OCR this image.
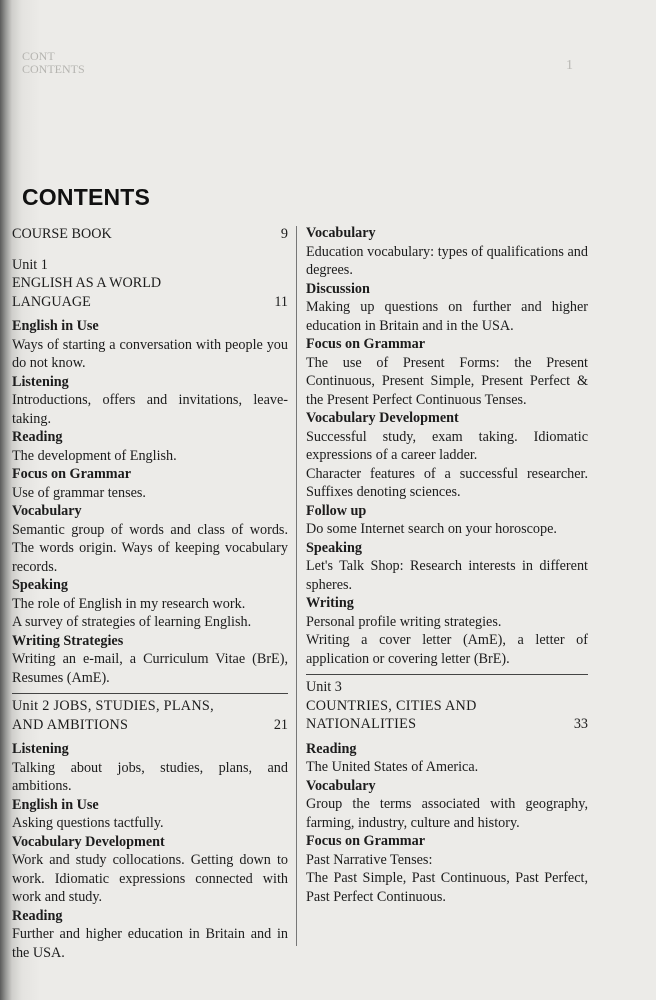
CONT
CONTENTS	1
CONTENTS
COURSE BOOK	9
Unit 1
ENGLISH AS A WORLD
LANGUAGE	11
English in Use
Ways of starting a conversation with people you do not know.
Listening
Introductions, offers and invitations, leave-taking.
Reading
The development of English.
Focus on Grammar
Use of grammar tenses.
Vocabulary
Semantic group of words and class of words. The words origin. Ways of keeping vocabulary records.
Speaking
The role of English in my research work.
A survey of strategies of learning English.
Writing Strategies
Writing an e-mail, a Curriculum Vitae (BrE), Resumes (AmE).
Unit 2 JOBS, STUDIES, PLANS,
AND AMBITIONS	21
Listening
Talking about jobs, studies, plans, and ambitions.
English in Use
Asking questions tactfully.
Vocabulary Development
Work and study collocations. Getting down to work. Idiomatic expressions connected with work and study.
Reading
Further and higher education in Britain and in the USA.
Vocabulary
Education vocabulary: types of qualifications and degrees.
Discussion
Making up questions on further and higher education in Britain and in the USA.
Focus on Grammar
The use of Present Forms: the Present Continuous, Present Simple, Present Perfect & the Present Perfect Continuous Tenses.
Vocabulary Development
Successful study, exam taking. Idiomatic expressions of a career ladder.
Character features of a successful researcher. Suffixes denoting sciences.
Follow up
Do some Internet search on your horoscope.
Speaking
Let's Talk Shop: Research interests in different spheres.
Writing
Personal profile writing strategies.
Writing a cover letter (AmE), a letter of application or covering letter (BrE).
Unit 3
COUNTRIES, CITIES AND
NATIONALITIES	33
Reading
The United States of America.
Vocabulary
Group the terms associated with geography, farming, industry, culture and history.
Focus on Grammar
Past Narrative Tenses:
The Past Simple, Past Continuous, Past Perfect, Past Perfect Continuous.
